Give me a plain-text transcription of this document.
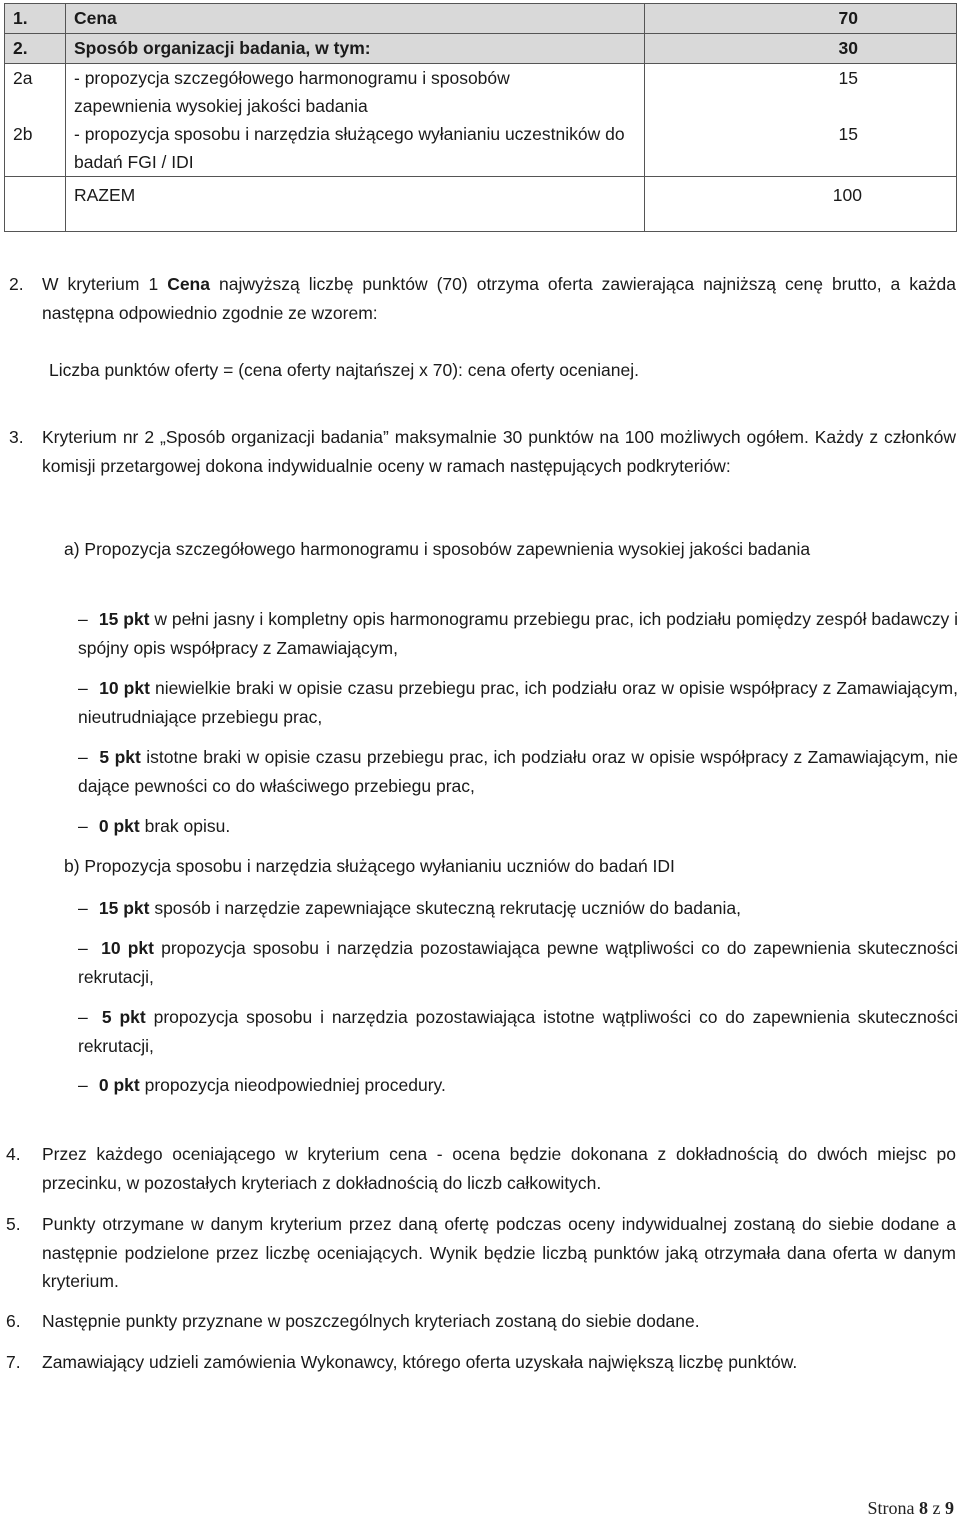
1.	Cena	70
2.	Sposób organizacji badania, w tym:	30
2a	- propozycja szczegółowego harmonogramu i sposobów zapewnienia wysokiej jakości badania	15
2b	- propozycja sposobu i narzędzia służącego wyłanianiu uczestników do badań FGI / IDI	15
	RAZEM	100
2. W kryterium 1 Cena najwyższą liczbę punktów (70) otrzyma oferta zawierająca najniższą cenę brutto, a każda następna odpowiednio zgodnie ze wzorem:
Liczba punktów oferty = (cena oferty najtańszej x 70): cena oferty ocenianej.
3. Kryterium nr 2 „Sposób organizacji badania” maksymalnie 30 punktów na 100 możliwych ogółem. Każdy z członków komisji przetargowej dokona indywidualnie oceny w ramach następujących podkryteriów:
a) Propozycja szczegółowego harmonogramu i sposobów zapewnienia wysokiej jakości badania
– 15 pkt w pełni jasny i kompletny opis harmonogramu przebiegu prac, ich podziału pomiędzy zespół badawczy i spójny opis współpracy z Zamawiającym,
– 10 pkt niewielkie braki w opisie czasu przebiegu prac, ich podziału oraz w opisie współpracy z Zamawiającym, nieutrudniające przebiegu prac,
– 5 pkt istotne braki w opisie czasu przebiegu prac, ich podziału oraz w opisie współpracy z Zamawiającym, nie dające pewności co do właściwego przebiegu prac,
– 0 pkt brak opisu.
b) Propozycja sposobu i narzędzia służącego wyłanianiu uczniów do badań IDI
– 15 pkt sposób i narzędzie zapewniające skuteczną rekrutację uczniów do badania,
– 10 pkt propozycja sposobu i narzędzia pozostawiająca pewne wątpliwości co do zapewnienia skuteczności rekrutacji,
– 5 pkt propozycja sposobu i narzędzia pozostawiająca istotne wątpliwości co do zapewnienia skuteczności rekrutacji,
– 0 pkt propozycja nieodpowiedniej procedury.
4. Przez każdego oceniającego w kryterium cena - ocena będzie dokonana z dokładnością do dwóch miejsc po przecinku, w pozostałych kryteriach z dokładnością do liczb całkowitych.
5. Punkty otrzymane w danym kryterium przez daną ofertę podczas oceny indywidualnej zostaną do siebie dodane a następnie podzielone przez liczbę oceniających. Wynik będzie liczbą punktów jaką otrzymała dana oferta w danym kryterium.
6. Następnie punkty przyznane w poszczególnych kryteriach zostaną do siebie dodane.
7. Zamawiający udzieli zamówienia Wykonawcy, którego oferta uzyskała największą liczbę punktów.
Strona 8 z 9
